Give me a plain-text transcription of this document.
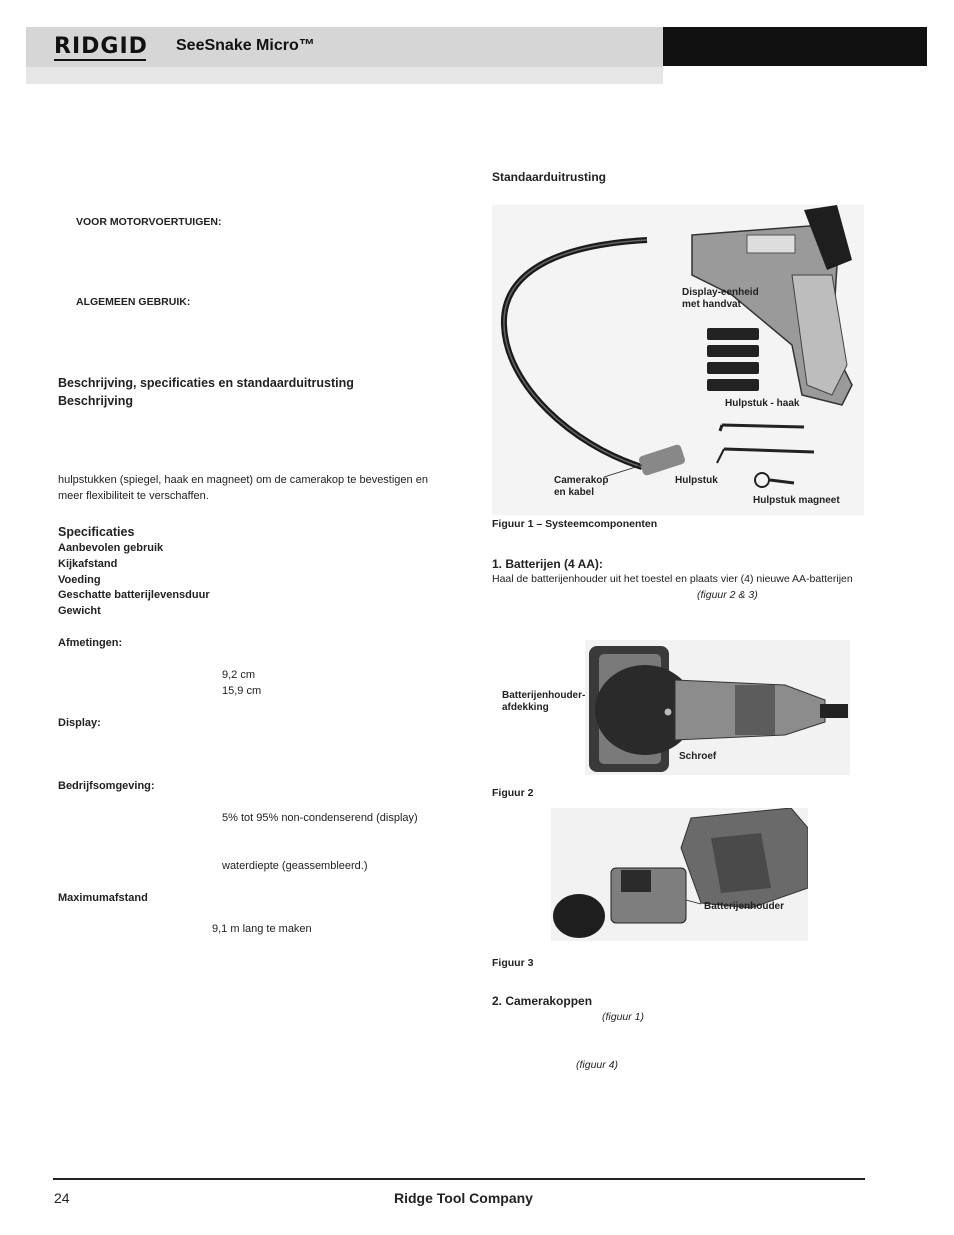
RIDGID SeeSnake Micro™
VOOR MOTORVOERTUIGEN:
ALGEMEEN GEBRUIK:
Beschrijving, specificaties en standaarduitrusting
Beschrijving
hulpstukken (spiegel, haak en magneet) om de camerakop te bevestigen en
meer flexibiliteit te verschaffen.
Specificaties
Aanbevolen gebruik
Kijkafstand
Voeding
Geschatte batterijlevensduur
Gewicht
Afmetingen:
9,2 cm
15,9 cm
Display:
Bedrijfsomgeving:
5% tot 95% non-condenserend (display)
waterdiepte (geassembleerd.)
Maximumafstand
9,1 m lang te maken
Standaarduitrusting
Display-eenheid met handvat
Hulpstuk - haak
Camerakop en kabel
Hulpstuk
Hulpstuk magneet
Figuur 1 – Systeemcomponenten
1. Batterijen (4 AA):
Haal de batterijenhouder uit het toestel en plaats vier (4) nieuwe AA-batterijen
(figuur 2 & 3)
Batterijenhouder-afdekking
Schroef
Figuur 2
Batterijenhouder
Figuur 3
2. Camerakoppen
(figuur 1)
(figuur 4)
24	Ridge Tool Company
